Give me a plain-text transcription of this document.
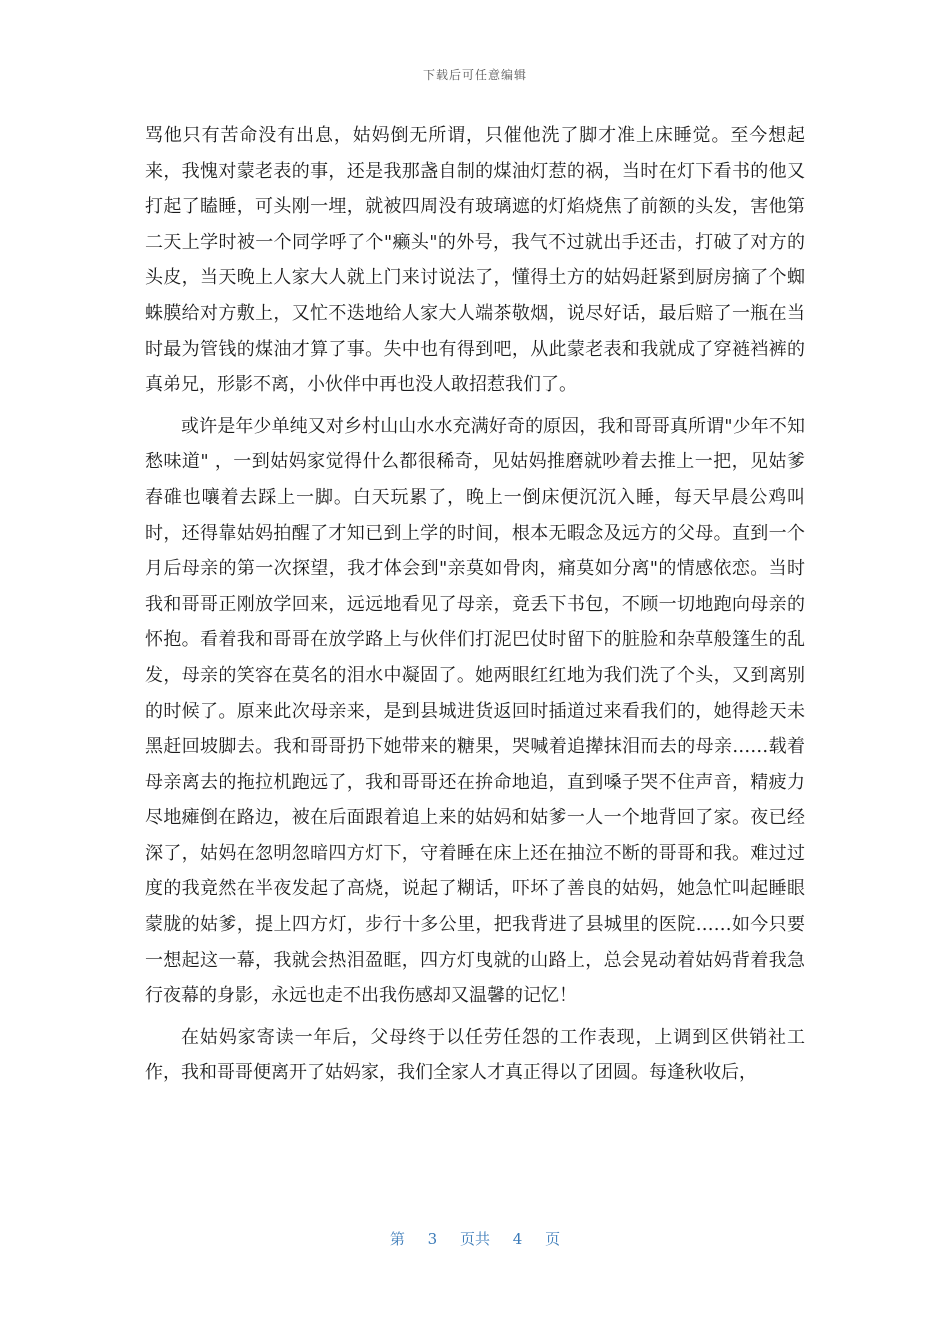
下载后可任意编辑

骂他只有苦命没有出息，姑妈倒无所谓，只催他洗了脚才准上床睡觉。至今想起来，我愧对蒙老表的事，还是我那盏自制的煤油灯惹的祸，当时在灯下看书的他又打起了瞌睡，可头刚一埋，就被四周没有玻璃遮的灯焰烧焦了前额的头发，害他第二天上学时被一个同学呼了个"癞头"的外号，我气不过就出手还击，打破了对方的头皮，当天晚上人家大人就上门来讨说法了，懂得土方的姑妈赶紧到厨房摘了个蜘蛛膜给对方敷上，又忙不迭地给人家大人端茶敬烟，说尽好话，最后赔了一瓶在当时最为管钱的煤油才算了事。失中也有得到吧，从此蒙老表和我就成了穿裢裆裤的真弟兄，形影不离，小伙伴中再也没人敢招惹我们了。

或许是年少单纯又对乡村山山水水充满好奇的原因，我和哥哥真所谓"少年不知愁味道" ，一到姑妈家觉得什么都很稀奇，见姑妈推磨就吵着去推上一把，见姑爹舂碓也嚷着去踩上一脚。白天玩累了，晚上一倒床便沉沉入睡，每天早晨公鸡叫时，还得靠姑妈拍醒了才知已到上学的时间，根本无暇念及远方的父母。直到一个月后母亲的第一次探望，我才体会到"亲莫如骨肉，痛莫如分离"的情感依恋。当时我和哥哥正刚放学回来，远远地看见了母亲，竟丢下书包，不顾一切地跑向母亲的怀抱。看着我和哥哥在放学路上与伙伴们打泥巴仗时留下的脏脸和杂草般篷生的乱发，母亲的笑容在莫名的泪水中凝固了。她两眼红红地为我们洗了个头，又到离别的时候了。原来此次母亲来，是到县城进货返回时插道过来看我们的，她得趁天未黑赶回坡脚去。我和哥哥扔下她带来的糖果，哭喊着追撵抹泪而去的母亲……载着母亲离去的拖拉机跑远了，我和哥哥还在拚命地追，直到嗓子哭不住声音，精疲力尽地瘫倒在路边，被在后面跟着追上来的姑妈和姑爹一人一个地背回了家。夜已经深了，姑妈在忽明忽暗四方灯下，守着睡在床上还在抽泣不断的哥哥和我。难过过度的我竟然在半夜发起了高烧，说起了糊话，吓坏了善良的姑妈，她急忙叫起睡眼蒙胧的姑爹，提上四方灯，步行十多公里，把我背进了县城里的医院……如今只要一想起这一幕，我就会热泪盈眶，四方灯曳就的山路上，总会晃动着姑妈背着我急行夜幕的身影，永远也走不出我伤感却又温馨的记忆！

在姑妈家寄读一年后，父母终于以任劳任怨的工作表现，上调到区供销社工作，我和哥哥便离开了姑妈家，我们全家人才真正得以了团圆。每逢秋收后，

第 3 页共 4 页
